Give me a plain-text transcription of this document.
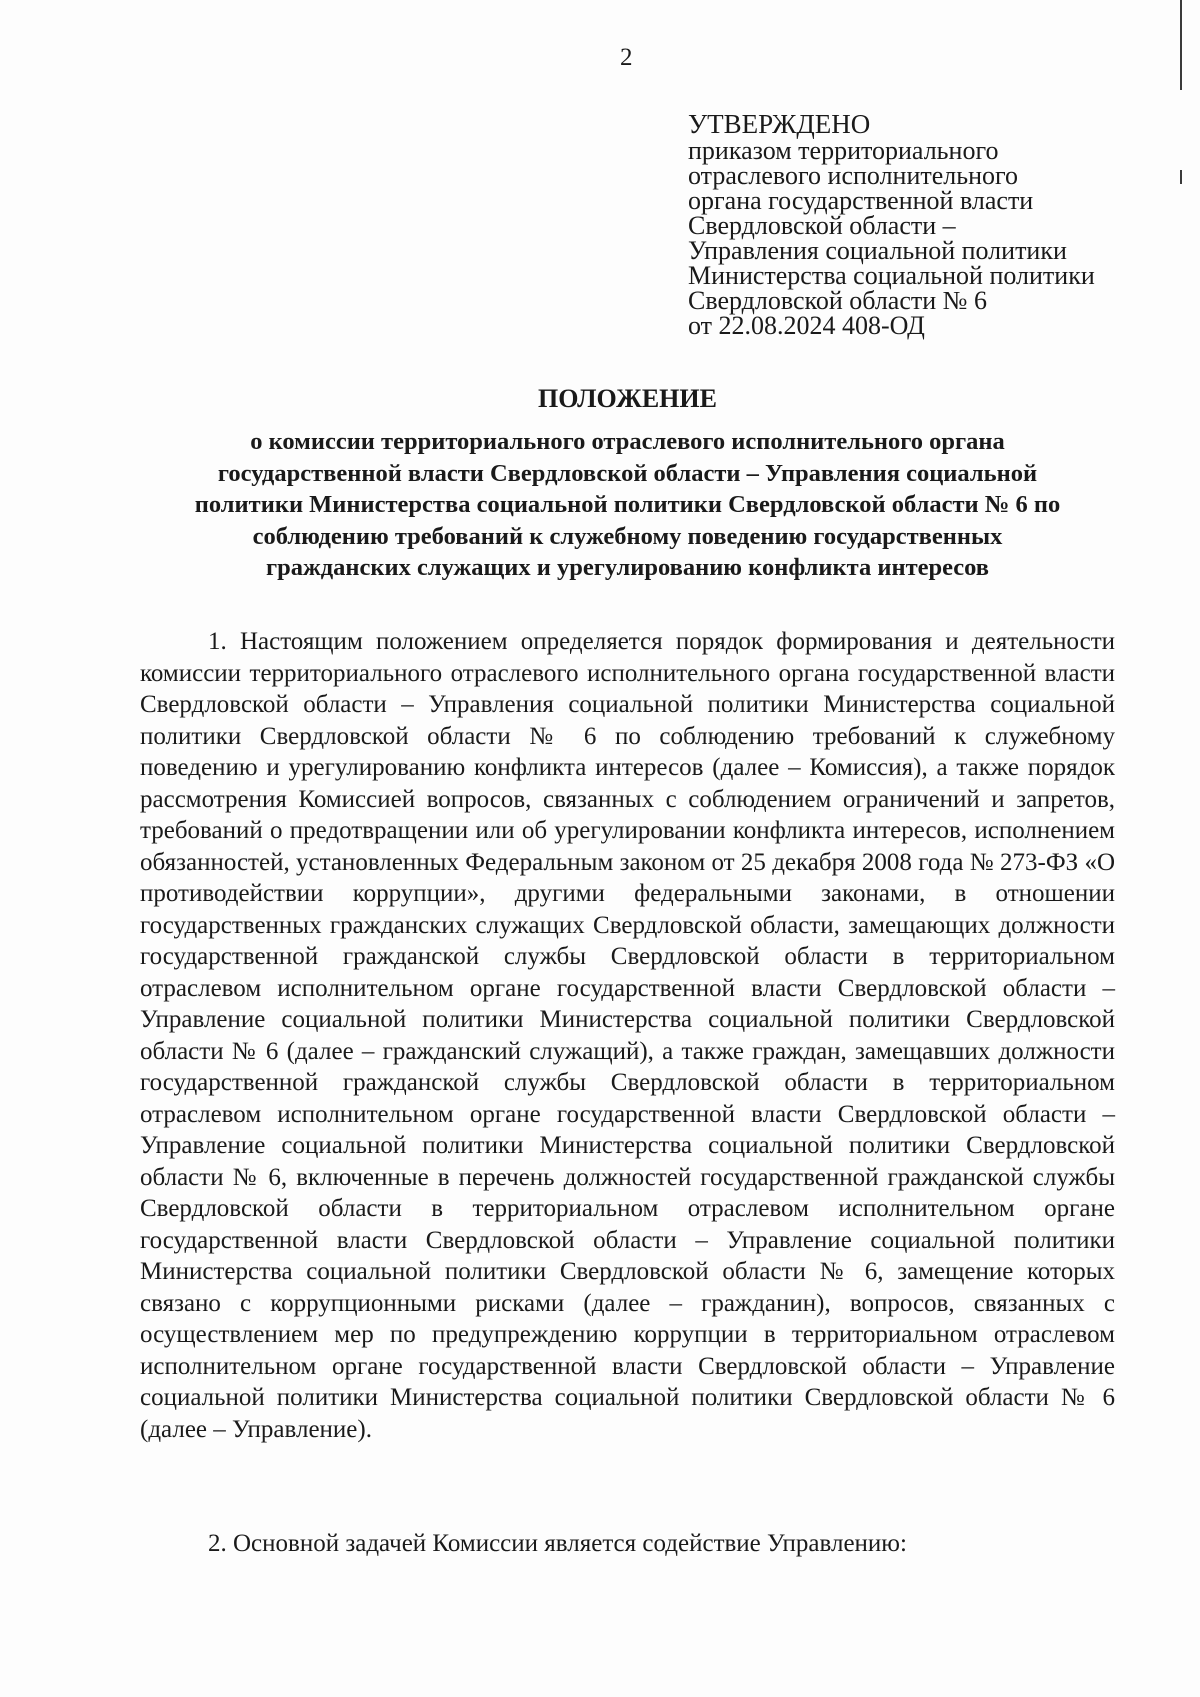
2
УТВЕРЖДЕНО
приказом территориального
отраслевого исполнительного
органа государственной власти
Свердловской области –
Управления социальной политики
Министерства социальной политики
Свердловской области № 6
от 22.08.2024 408-ОД
ПОЛОЖЕНИЕ
о комиссии территориального отраслевого исполнительного органа
государственной власти Свердловской области – Управления социальной
политики Министерства социальной политики Свердловской области № 6 по
соблюдению требований к служебному поведению государственных
гражданских служащих и урегулированию конфликта интересов

1. Настоящим положением определяется порядок формирования и деятельности комиссии территориального отраслевого исполнительного органа государственной власти Свердловской области – Управления социальной политики Министерства социальной политики Свердловской области № 6 по соблюдению требований к служебному поведению и урегулированию конфликта интересов (далее – Комиссия), а также порядок рассмотрения Комиссией вопросов, связанных с соблюдением ограничений и запретов, требований о предотвращении или об урегулировании конфликта интересов, исполнением обязанностей, установленных Федеральным законом от 25 декабря 2008 года № 273-ФЗ «О противодействии коррупции», другими федеральными законами, в отношении государственных гражданских служащих Свердловской области, замещающих должности государственной гражданской службы Свердловской области в территориальном отраслевом исполнительном органе государственной власти Свердловской области – Управление социальной политики Министерства социальной политики Свердловской области № 6 (далее – гражданский служащий), а также граждан, замещавших должности государственной гражданской службы Свердловской области в территориальном отраслевом исполнительном органе государственной власти Свердловской области – Управление социальной политики Министерства социальной политики Свердловской области № 6, включенные в перечень должностей государственной гражданской службы Свердловской области в территориальном отраслевом исполнительном органе государственной власти Свердловской области – Управление социальной политики Министерства социальной политики Свердловской области № 6, замещение которых связано с коррупционными рисками (далее – гражданин), вопросов, связанных с осуществлением мер по предупреждению коррупции в территориальном отраслевом исполнительном органе государственной власти Свердловской области – Управление социальной политики Министерства социальной политики Свердловской области № 6 (далее – Управление).

2. Основной задачей Комиссии является содействие Управлению:
